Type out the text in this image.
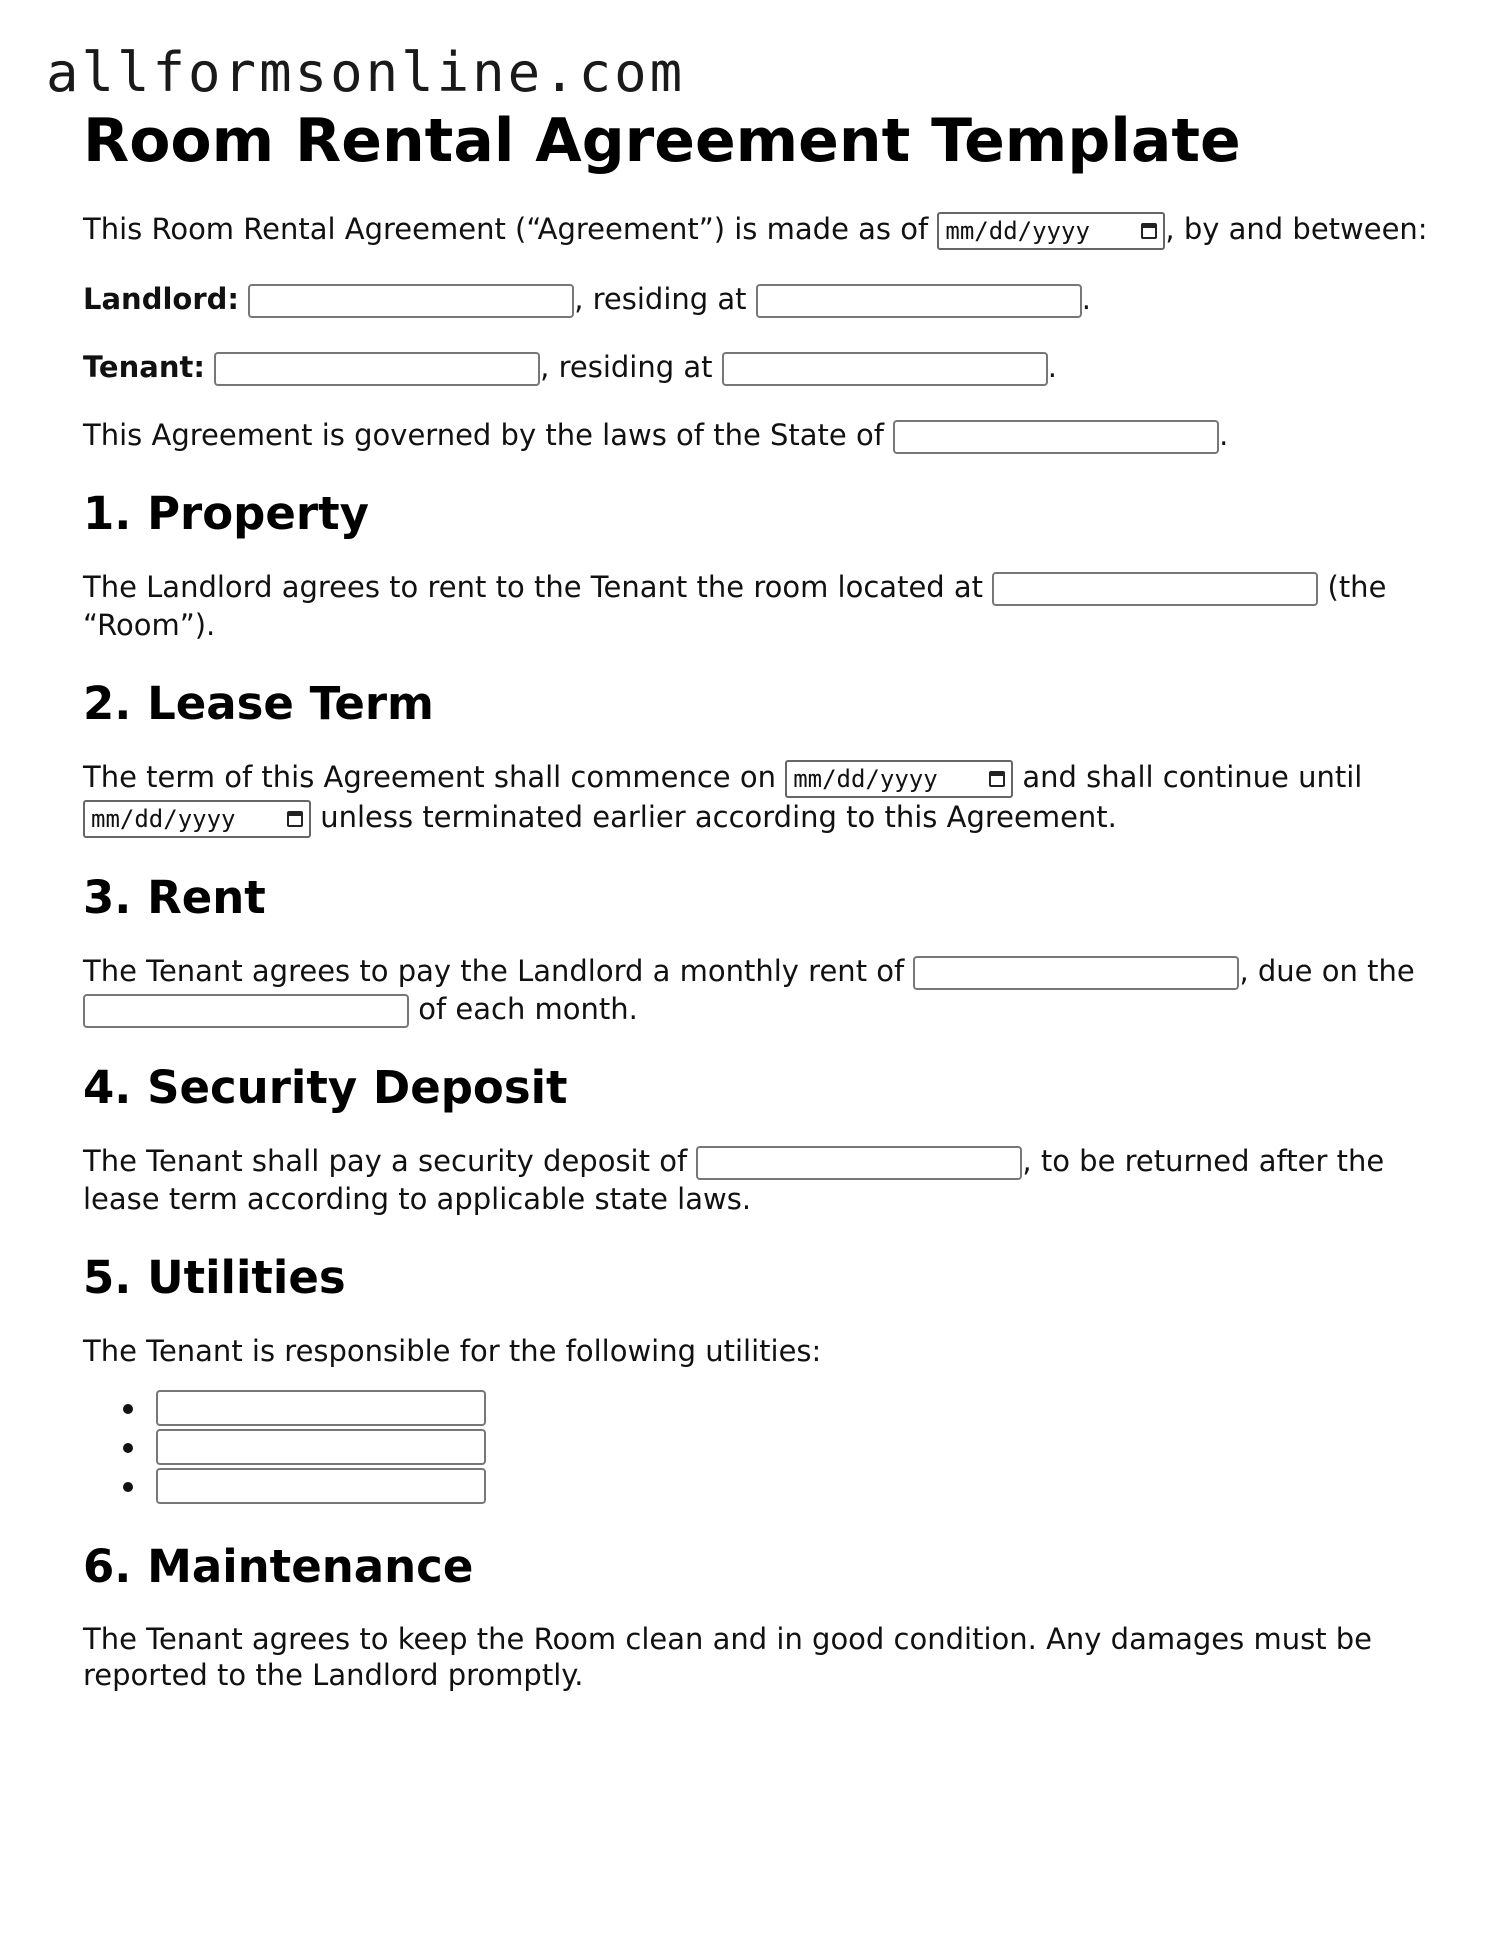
allformsonline.com
Room Rental Agreement Template

This Room Rental Agreement (“Agreement”) is made as of mm/dd/yyyy	, by and between:

Landlord:	, residing at	.

Tenant:	, residing at	.

This Agreement is governed by the laws of the State of	.

1. Property

The Landlord agrees to rent to the Tenant the room located at	(the “Room”).

2. Lease Term

The term of this Agreement shall commence on mm/dd/yyyy	and shall continue until
mm/dd/yyyy	unless terminated earlier according to this Agreement.

3. Rent

The Tenant agrees to pay the Landlord a monthly rent of	, due on the  of each month.

4. Security Deposit

The Tenant shall pay a security deposit of	, to be returned after the lease term according to applicable state laws.

5. Utilities

The Tenant is responsible for the following utilities:

6. Maintenance

The Tenant agrees to keep the Room clean and in good condition. Any damages must be reported to the Landlord promptly.
